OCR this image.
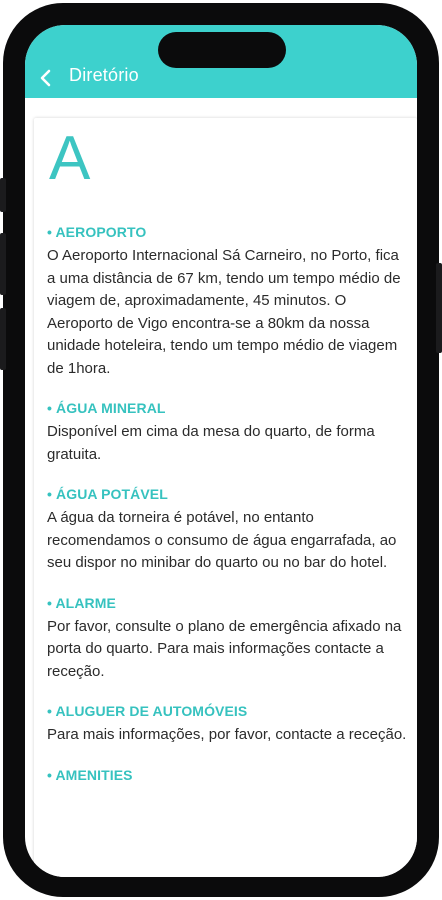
Diretório
A
• AEROPORTO
O Aeroporto Internacional Sá Carneiro, no Porto, fica a uma distância de 67 km, tendo um tempo médio de viagem de, aproximadamente, 45 minutos. O Aeroporto de Vigo encontra-se a 80km da nossa unidade hoteleira, tendo um tempo médio de viagem de 1hora.
• ÁGUA MINERAL
Disponível em cima da mesa do quarto, de forma gratuita.
• ÁGUA POTÁVEL
A água da torneira é potável, no entanto recomendamos o consumo de água engarrafada, ao seu dispor no minibar do quarto ou no bar do hotel.
• ALARME
Por favor, consulte o plano de emergência afixado na porta do quarto. Para mais informações contacte a receção.
• ALUGUER DE AUTOMÓVEIS
Para mais informações, por favor, contacte a receção.
• AMENITIES
